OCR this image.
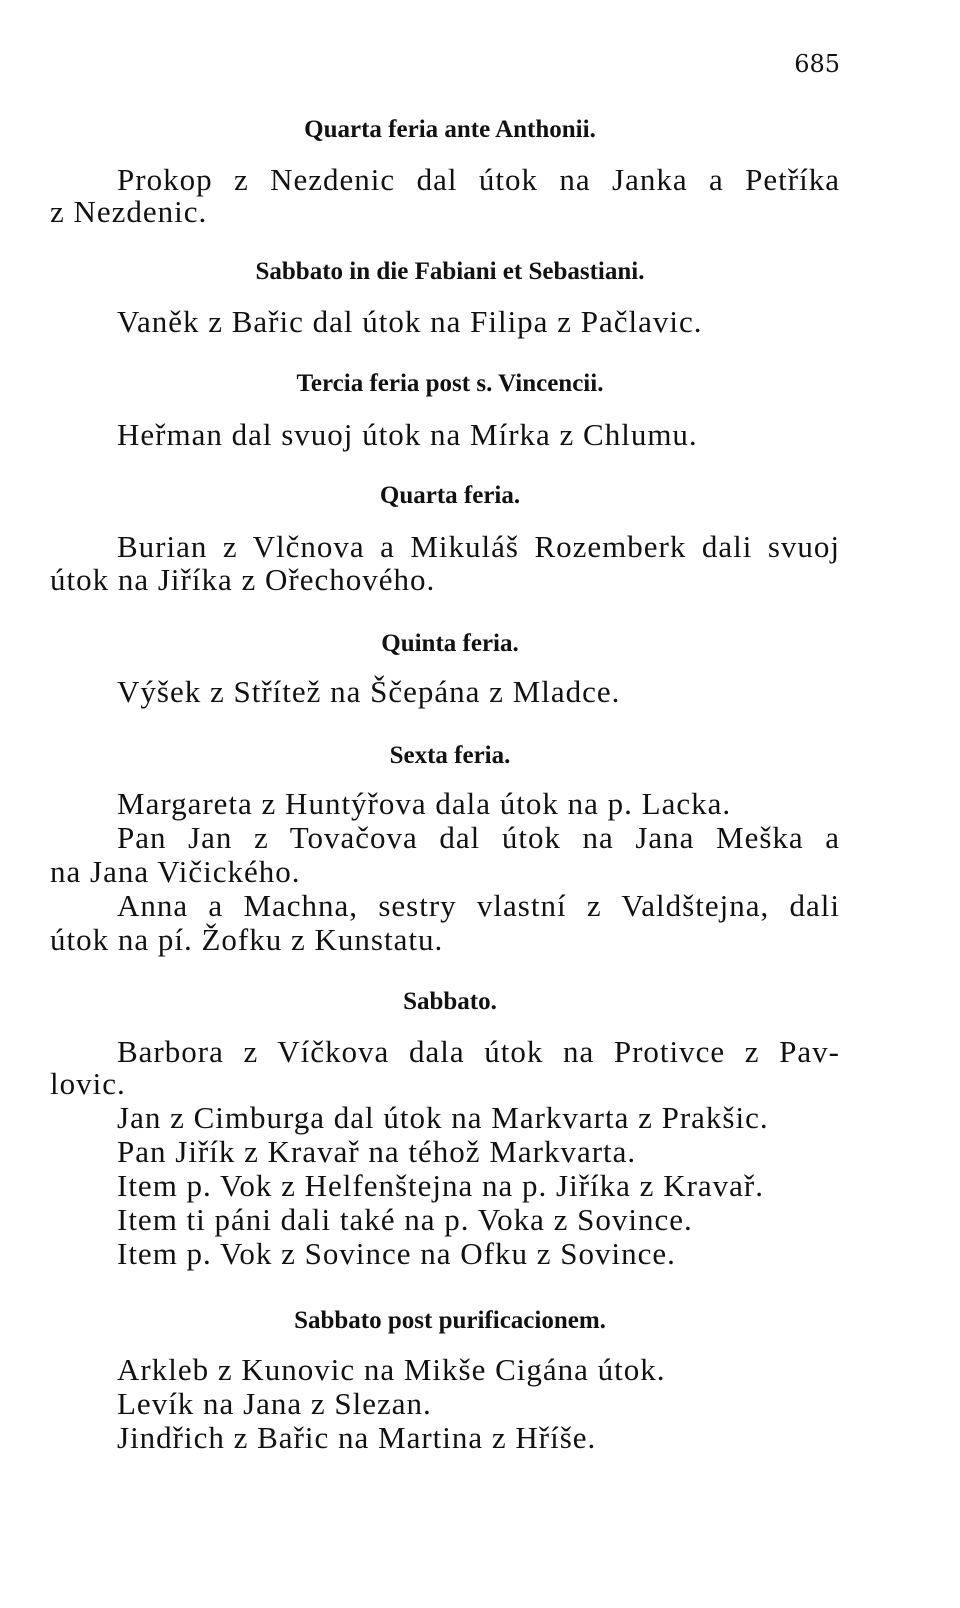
685
Quarta feria ante Anthonii.
Prokop z Nezdenic dal útok na Janka a Petříka
z Nezdenic.
Sabbato in die Fabiani et Sebastiani.
Vaněk z Bařic dal útok na Filipa z Pačlavic.
Tercia feria post s. Vincencii.
Heřman dal svuoj útok na Mírka z Chlumu.
Quarta feria.
Burian z Vlčnova a Mikuláš Rozemberk dali svuoj
útok na Jiříka z Ořechového.
Quinta feria.
Výšek z Střítež na Ščepána z Mladce.
Sexta feria.
Margareta z Huntýřova dala útok na p. Lacka.
Pan Jan z Tovačova dal útok na Jana Meška a
na Jana Vičického.
Anna a Machna, sestry vlastní z Valdštejna, dali
útok na pí. Žofku z Kunstatu.
Sabbato.
Barbora z Víčkova dala útok na Protivce z Pav-
lovic.
Jan z Cimburga dal útok na Markvarta z Prakšic.
Pan Jiřík z Kravař na téhož Markvarta.
Item p. Vok z Helfenštejna na p. Jiříka z Kravař.
Item ti páni dali také na p. Voka z Sovince.
Item p. Vok z Sovince na Ofku z Sovince.
Sabbato post purificacionem.
Arkleb z Kunovic na Mikše Cigána útok.
Levík na Jana z Slezan.
Jindřich z Bařic na Martina z Hříše.
